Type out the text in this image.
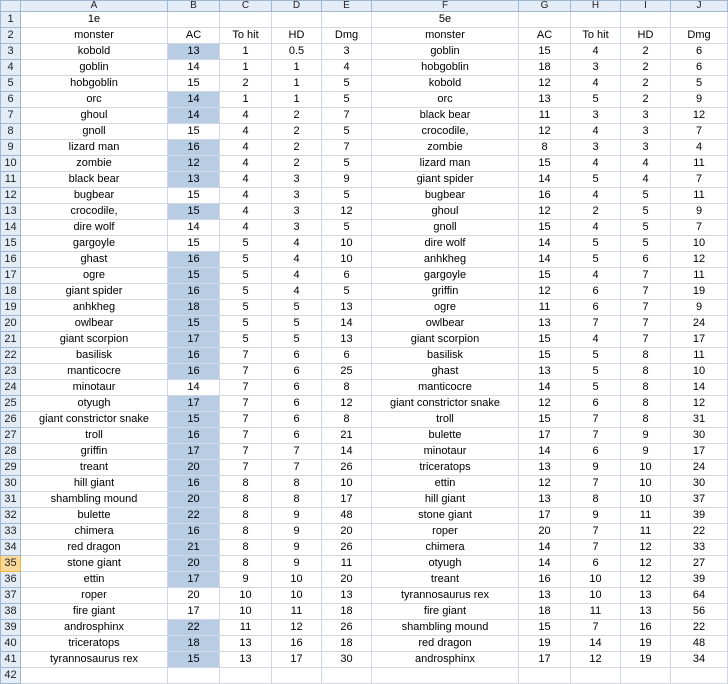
	A	B	C	D	E	F	G	H	I	J
1	1e					5e				
2	monster	AC	To hit	HD	Dmg	monster	AC	To hit	HD	Dmg
3	kobold	13	1	0.5	3	goblin	15	4	2	6
4	goblin	14	1	1	4	hobgoblin	18	3	2	6
5	hobgoblin	15	2	1	5	kobold	12	4	2	5
6	orc	14	1	1	5	orc	13	5	2	9
7	ghoul	14	4	2	7	black bear	11	3	3	12
8	gnoll	15	4	2	5	crocodile,	12	4	3	7
9	lizard man	16	4	2	7	zombie	8	3	3	4
10	zombie	12	4	2	5	lizard man	15	4	4	11
11	black bear	13	4	3	9	giant spider	14	5	4	7
12	bugbear	15	4	3	5	bugbear	16	4	5	11
13	crocodile,	15	4	3	12	ghoul	12	2	5	9
14	dire wolf	14	4	3	5	gnoll	15	4	5	7
15	gargoyle	15	5	4	10	dire wolf	14	5	5	10
16	ghast	16	5	4	10	anhkheg	14	5	6	12
17	ogre	15	5	4	6	gargoyle	15	4	7	11
18	giant spider	16	5	4	5	griffin	12	6	7	19
19	anhkheg	18	5	5	13	ogre	11	6	7	9
20	owlbear	15	5	5	14	owlbear	13	7	7	24
21	giant scorpion	17	5	5	13	giant scorpion	15	4	7	17
22	basilisk	16	7	6	6	basilisk	15	5	8	11
23	manticocre	16	7	6	25	ghast	13	5	8	10
24	minotaur	14	7	6	8	manticocre	14	5	8	14
25	otyugh	17	7	6	12	giant constrictor snake	12	6	8	12
26	giant constrictor snake	15	7	6	8	troll	15	7	8	31
27	troll	16	7	6	21	bulette	17	7	9	30
28	griffin	17	7	7	14	minotaur	14	6	9	17
29	treant	20	7	7	26	triceratops	13	9	10	24
30	hill giant	16	8	8	10	ettin	12	7	10	30
31	shambling mound	20	8	8	17	hill giant	13	8	10	37
32	bulette	22	8	9	48	stone giant	17	9	11	39
33	chimera	16	8	9	20	roper	20	7	11	22
34	red dragon	21	8	9	26	chimera	14	7	12	33
35	stone giant	20	8	9	11	otyugh	14	6	12	27
36	ettin	17	9	10	20	treant	16	10	12	39
37	roper	20	10	10	13	tyrannosaurus rex	13	10	13	64
38	fire giant	17	10	11	18	fire giant	18	11	13	56
39	androsphinx	22	11	12	26	shambling mound	15	7	16	22
40	triceratops	18	13	16	18	red dragon	19	14	19	48
41	tyrannosaurus rex	15	13	17	30	androsphinx	17	12	19	34
42										
